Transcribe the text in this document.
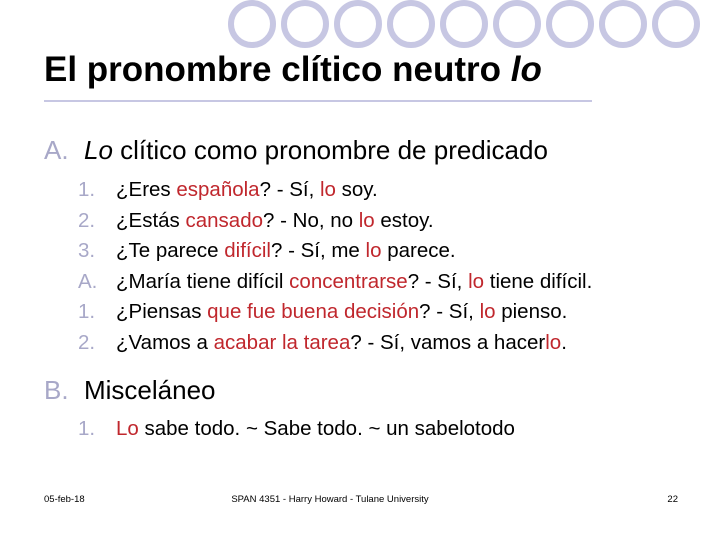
El pronombre clítico neutro lo
A. Lo clítico como pronombre de predicado
1. ¿Eres española? - Sí, lo soy.
2. ¿Estás cansado? - No, no lo estoy.
3. ¿Te parece difícil? - Sí, me lo parece.
A. ¿María tiene difícil concentrarse? - Sí, lo tiene difícil.
1. ¿Piensas que fue buena decisión? - Sí, lo pienso.
2. ¿Vamos a acabar la tarea? - Sí, vamos a hacerlo.
B. Misceláneo
1. Lo sabe todo. ~ Sabe todo. ~ un sabelotodo
05-feb-18	SPAN 4351 - Harry Howard - Tulane University	22
